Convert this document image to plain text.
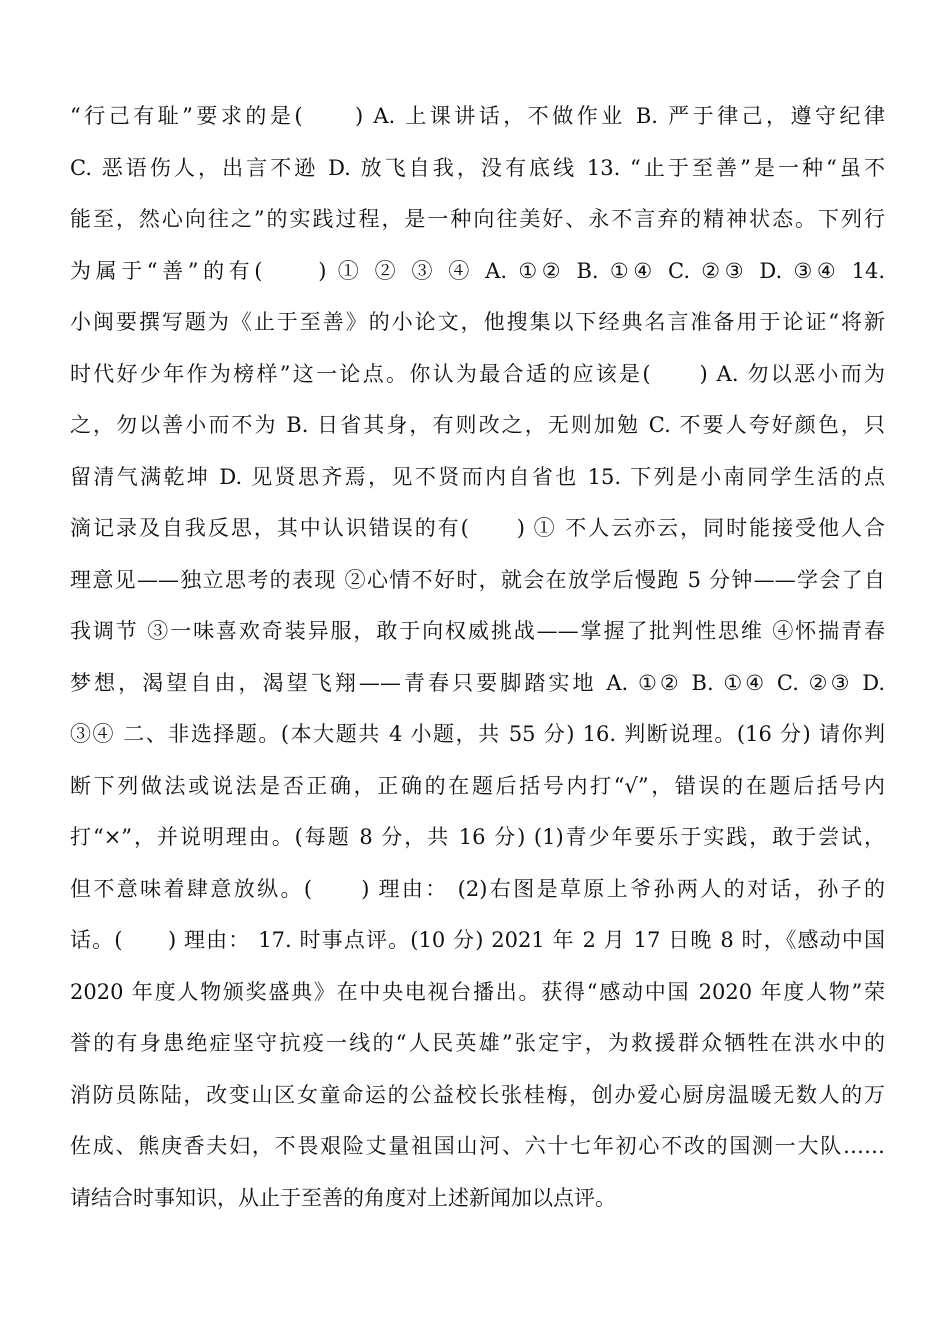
“行己有耻”要求的是(　　) A. 上课讲话，不做作业 B. 严于律己，遵守纪律
C. 恶语伤人，出言不逊 D. 放飞自我，没有底线 13. “止于至善”是一种“虽不
能至，然心向往之”的实践过程，是一种向往美好、永不言弃的精神状态。下列行
为属于“善”的有(　　) ① ② ③ ④ A. ①② B. ①④ C. ②③ D. ③④ 14.
小闽要撰写题为《止于至善》的小论文，他搜集以下经典名言准备用于论证“将新
时代好少年作为榜样”这一论点。你认为最合适的应该是(　　) A. 勿以恶小而为
之，勿以善小而不为 B. 日省其身，有则改之，无则加勉 C. 不要人夸好颜色，只
留清气满乾坤 D. 见贤思齐焉，见不贤而内自省也 15. 下列是小南同学生活的点
滴记录及自我反思，其中认识错误的有(　　) ① 不人云亦云，同时能接受他人合
理意见——独立思考的表现 ②心情不好时，就会在放学后慢跑 5 分钟——学会了自
我调节 ③一味喜欢奇装异服，敢于向权威挑战——掌握了批判性思维 ④怀揣青春
梦想，渴望自由，渴望飞翔——青春只要脚踏实地 A. ①② B. ①④ C. ②③ D.
③④ 二、非选择题。(本大题共 4 小题，共 55 分) 16. 判断说理。(16 分) 请你判
断下列做法或说法是否正确，正确的在题后括号内打“√”，错误的在题后括号内
打“×”，并说明理由。(每题 8 分，共 16 分) (1)青少年要乐于实践，敢于尝试，
但不意味着肆意放纵。(　　) 理由： (2)右图是草原上爷孙两人的对话，孙子的
话。(　　) 理由： 17. 时事点评。(10 分) 2021 年 2 月 17 日晚 8 时，《感动中国
2020 年度人物颁奖盛典》在中央电视台播出。获得“感动中国 2020 年度人物”荣
誉的有身患绝症坚守抗疫一线的“人民英雄”张定宇，为救援群众牺牲在洪水中的
消防员陈陆，改变山区女童命运的公益校长张桂梅，创办爱心厨房温暖无数人的万
佐成、熊庚香夫妇，不畏艰险丈量祖国山河、六十七年初心不改的国测一大队……
请结合时事知识，从止于至善的角度对上述新闻加以点评。
